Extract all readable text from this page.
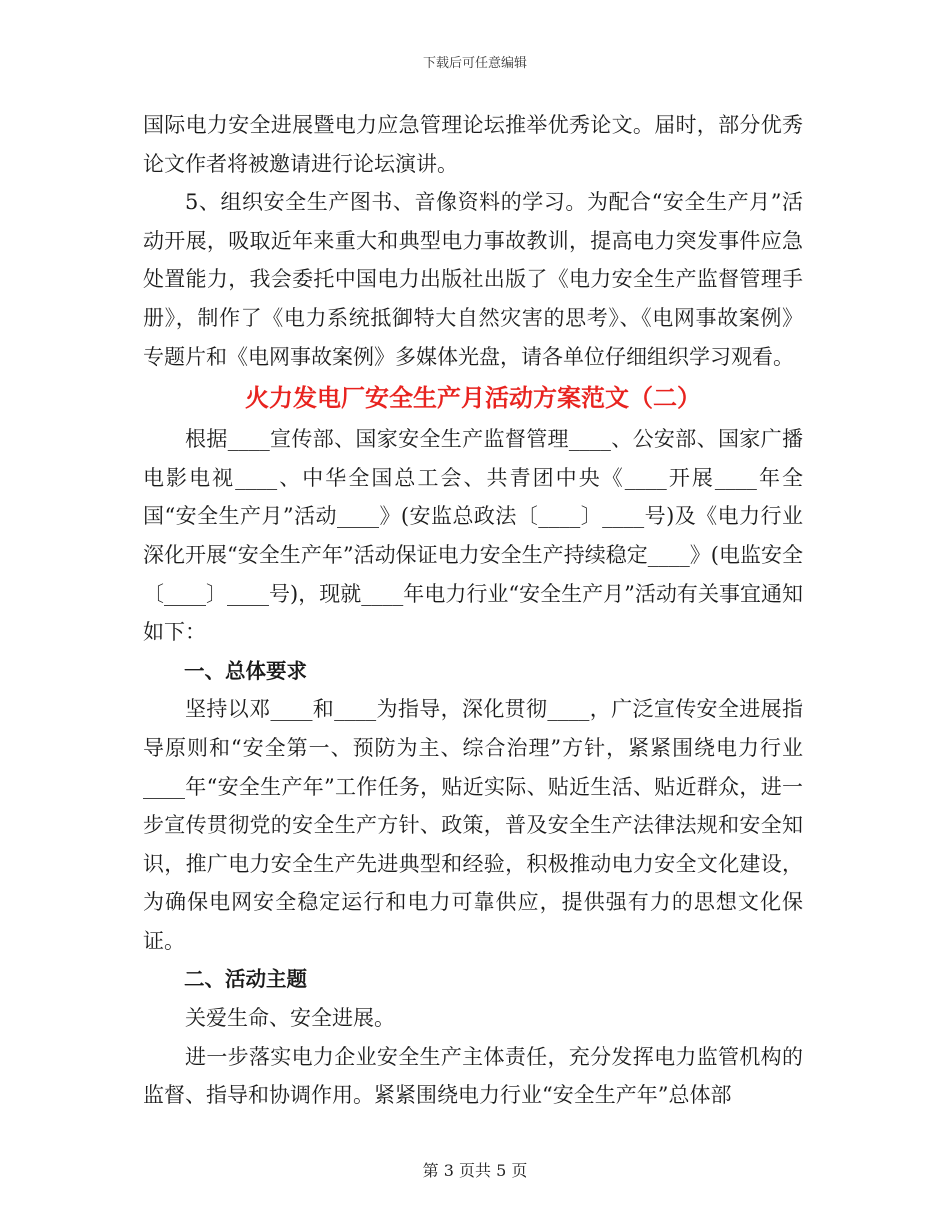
下载后可任意编辑

国际电力安全进展暨电力应急管理论坛推举优秀论文。届时，部分优秀论文作者将被邀请进行论坛演讲。

5、组织安全生产图书、音像资料的学习。为配合“安全生产月”活动开展，吸取近年来重大和典型电力事故教训，提高电力突发事件应急处置能力，我会委托中国电力出版社出版了《电力安全生产监督管理手册》，制作了《电力系统抵御特大自然灾害的思考》、《电网事故案例》专题片和《电网事故案例》多媒体光盘，请各单位仔细组织学习观看。

火力发电厂安全生产月活动方案范文（二）

根据____宣传部、国家安全生产监督管理____、公安部、国家广播电影电视____、中华全国总工会、共青团中央《____开展____年全国“安全生产月”活动____》(安监总政法〔____〕____号)及《电力行业深化开展“安全生产年”活动保证电力安全生产持续稳定____》(电监安全〔____〕____号)，现就____年电力行业“安全生产月”活动有关事宜通知如下：

一、总体要求

坚持以邓____和____为指导，深化贯彻____，广泛宣传安全进展指导原则和“安全第一、预防为主、综合治理”方针，紧紧围绕电力行业____年“安全生产年”工作任务，贴近实际、贴近生活、贴近群众，进一步宣传贯彻党的安全生产方针、政策，普及安全生产法律法规和安全知识，推广电力安全生产先进典型和经验，积极推动电力安全文化建设，为确保电网安全稳定运行和电力可靠供应，提供强有力的思想文化保证。

二、活动主题

关爱生命、安全进展。

进一步落实电力企业安全生产主体责任，充分发挥电力监管机构的监督、指导和协调作用。紧紧围绕电力行业“安全生产年”总体部

第 3 页共 5 页
